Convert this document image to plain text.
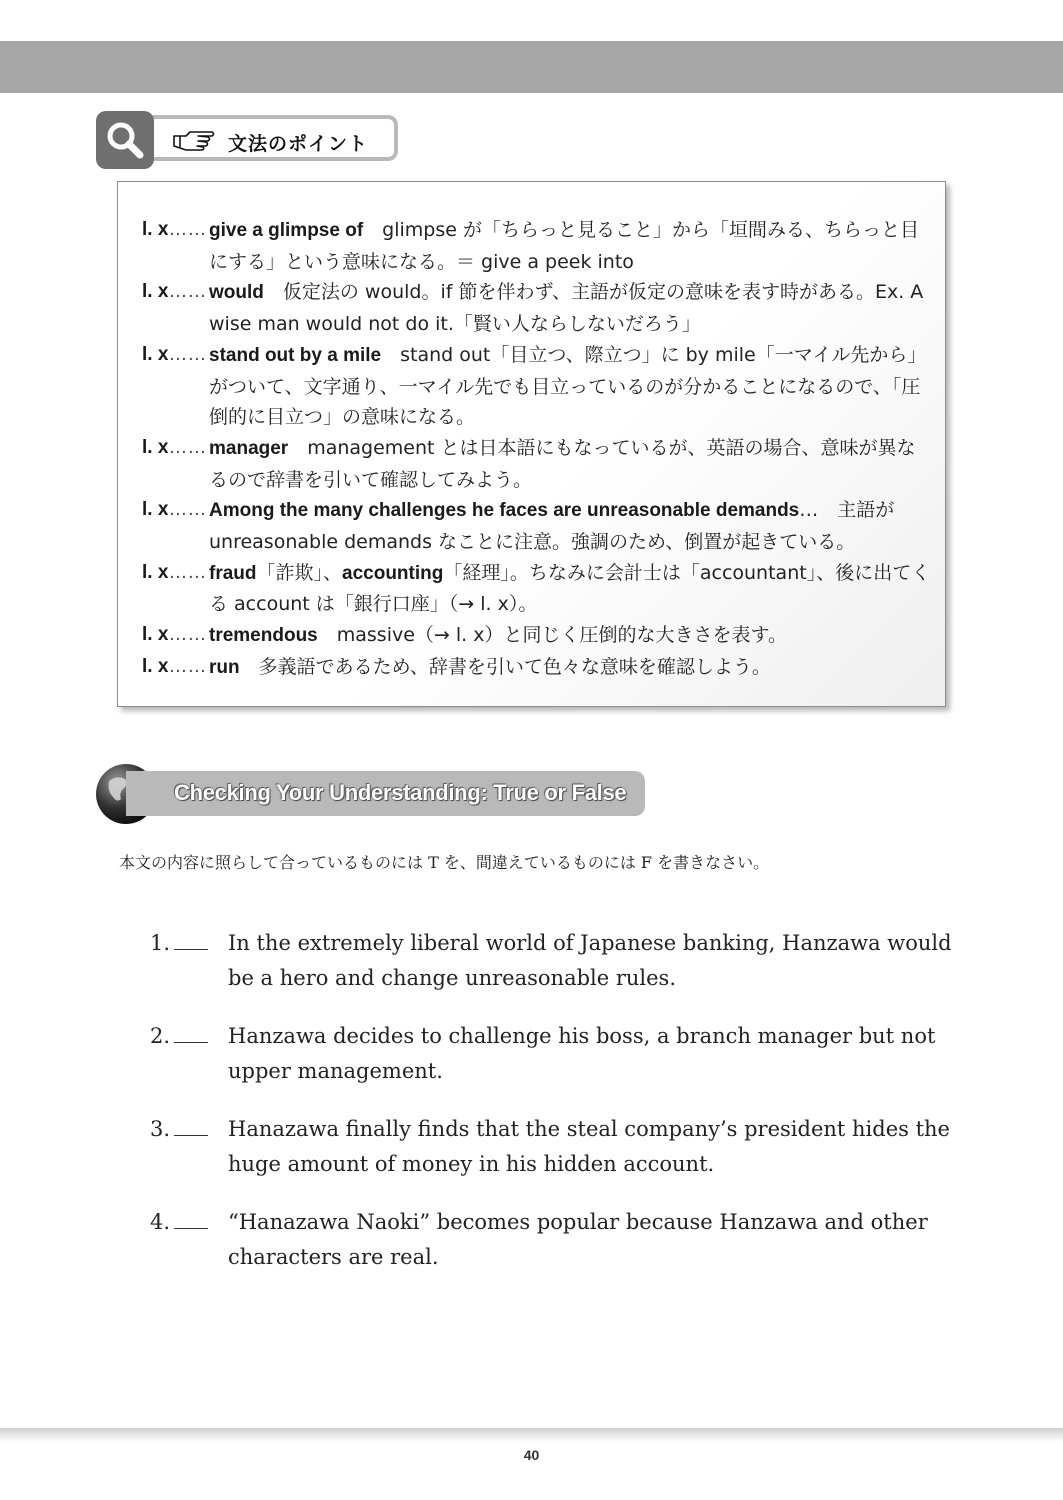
文法のポイント
l. x…… give a glimpse of　glimpse が「ちらっと見ること」から「垣間みる、ちらっと目にする」という意味になる。＝ give a peek into
l. x…… would　仮定法の would。if 節を伴わず、主語が仮定の意味を表す時がある。Ex. A wise man would not do it.「賢い人ならしないだろう」
l. x…… stand out by a mile　stand out「目立つ、際立つ」に by mile「一マイル先から」がついて、文字通り、一マイル先でも目立っているのが分かることになるので、「圧倒的に目立つ」の意味になる。
l. x…… manager　management とは日本語にもなっているが、英語の場合、意味が異なるので辞書を引いて確認してみよう。
l. x…… Among the many challenges he faces are unreasonable demands…　主語が unreasonable demands なことに注意。強調のため、倒置が起きている。
l. x…… fraud「詐欺」、accounting「経理」。ちなみに会計士は「accountant」、後に出てくる account は「銀行口座」（→ l. x）。
l. x…… tremendous　massive（→ l. x）と同じく圧倒的な大きさを表す。
l. x…… run　多義語であるため、辞書を引いて色々な意味を確認しよう。
Checking Your Understanding: True or False
本文の内容に照らして合っているものには T を、間違えているものには F を書きなさい。
1.	In the extremely liberal world of Japanese banking, Hanzawa would be a hero and change unreasonable rules.
2.	Hanzawa decides to challenge his boss, a branch manager but not upper management.
3.	Hanazawa finally finds that the steal company’s president hides the huge amount of money in his hidden account.
4.	“Hanazawa Naoki” becomes popular because Hanzawa and other characters are real.
40
